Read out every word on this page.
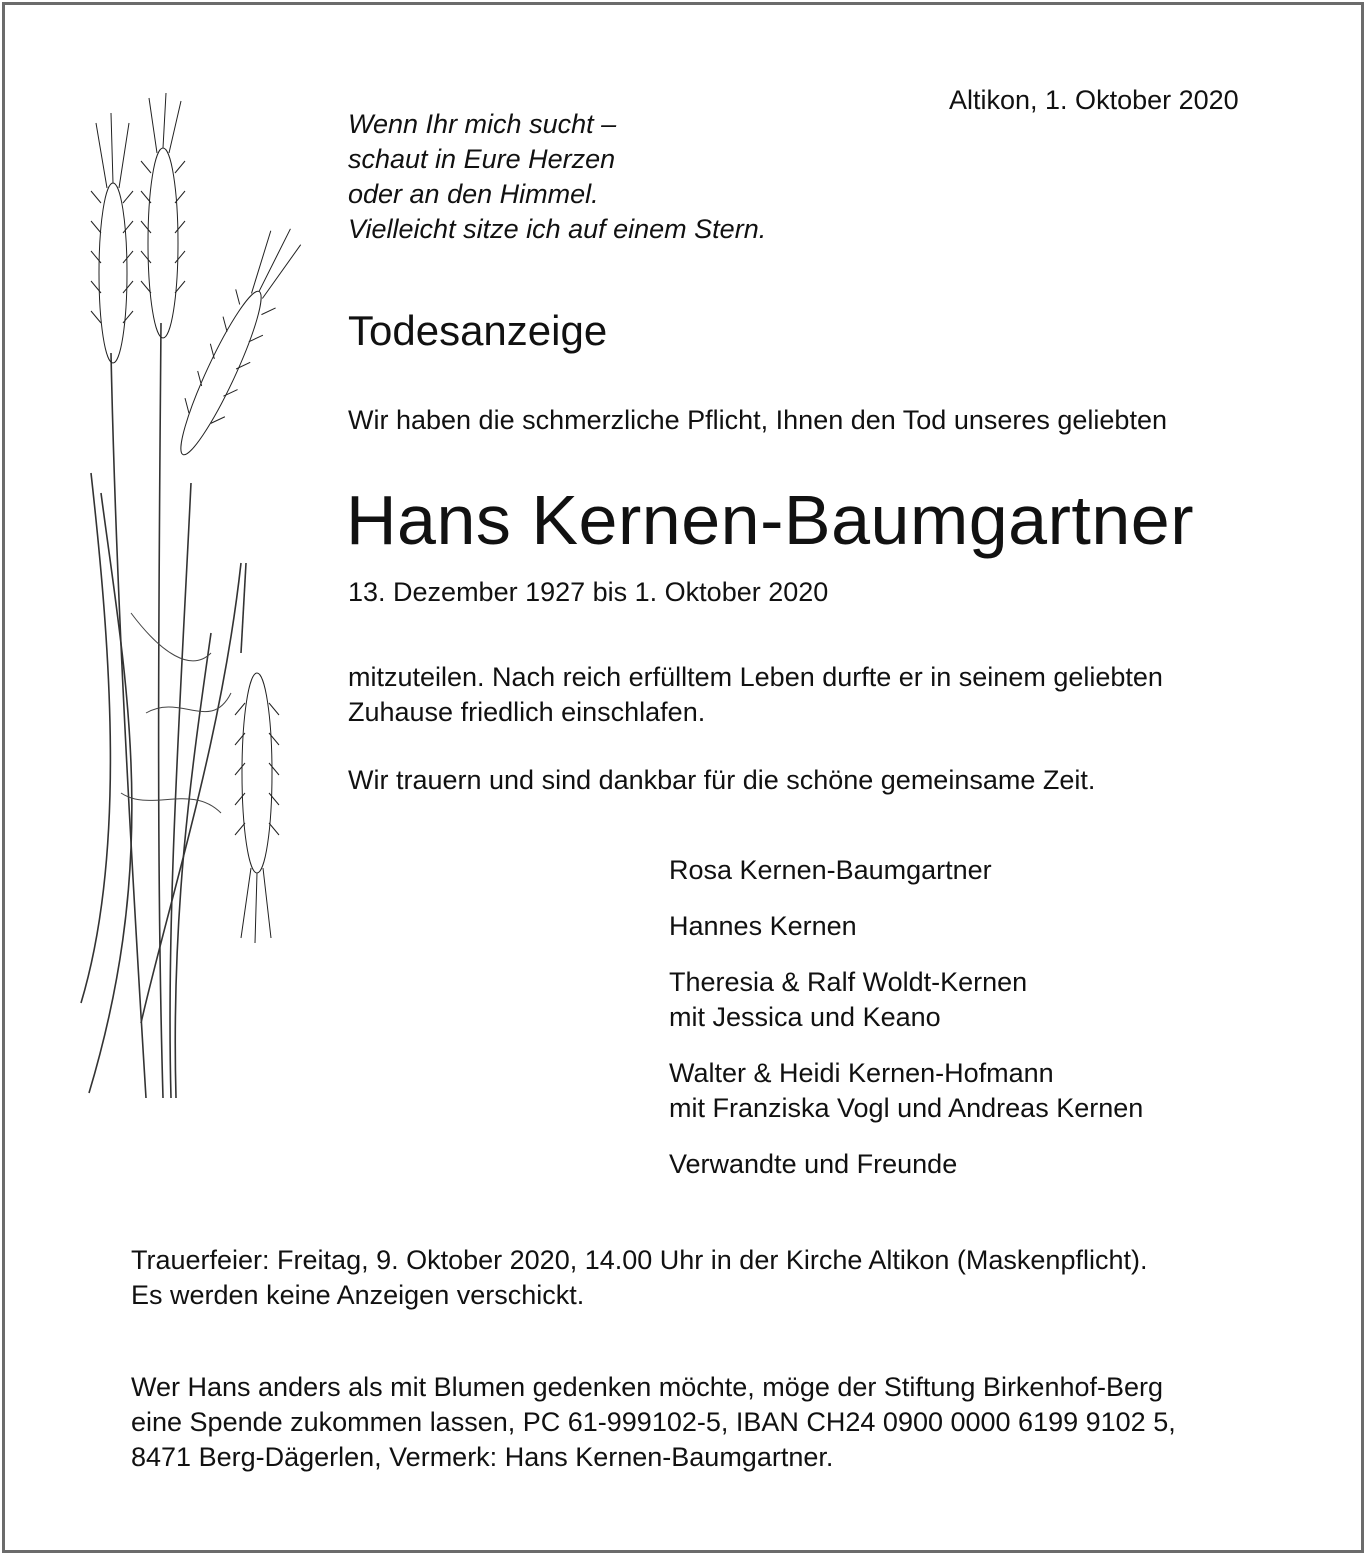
Altikon, 1. Oktober 2020
Wenn Ihr mich sucht –
schaut in Eure Herzen
oder an den Himmel.
Vielleicht sitze ich auf einem Stern.
Todesanzeige
Wir haben die schmerzliche Pflicht, Ihnen den Tod unseres geliebten
Hans Kernen-Baumgartner
13. Dezember 1927 bis 1. Oktober 2020
mitzuteilen. Nach reich erfülltem Leben durfte er in seinem geliebten
Zuhause friedlich einschlafen.
Wir trauern und sind dankbar für die schöne gemeinsame Zeit.
Rosa Kernen-Baumgartner
Hannes Kernen
Theresia & Ralf Woldt-Kernen
mit Jessica und Keano
Walter & Heidi Kernen-Hofmann
mit Franziska Vogl und Andreas Kernen
Verwandte und Freunde
Trauerfeier: Freitag, 9. Oktober 2020, 14.00 Uhr in der Kirche Altikon (Maskenpflicht).
Es werden keine Anzeigen verschickt.
Wer Hans anders als mit Blumen gedenken möchte, möge der Stiftung Birkenhof-Berg
eine Spende zukommen lassen, PC 61-999102-5, IBAN CH24 0900 0000 6199 9102 5,
8471 Berg-Dägerlen, Vermerk: Hans Kernen-Baumgartner.
